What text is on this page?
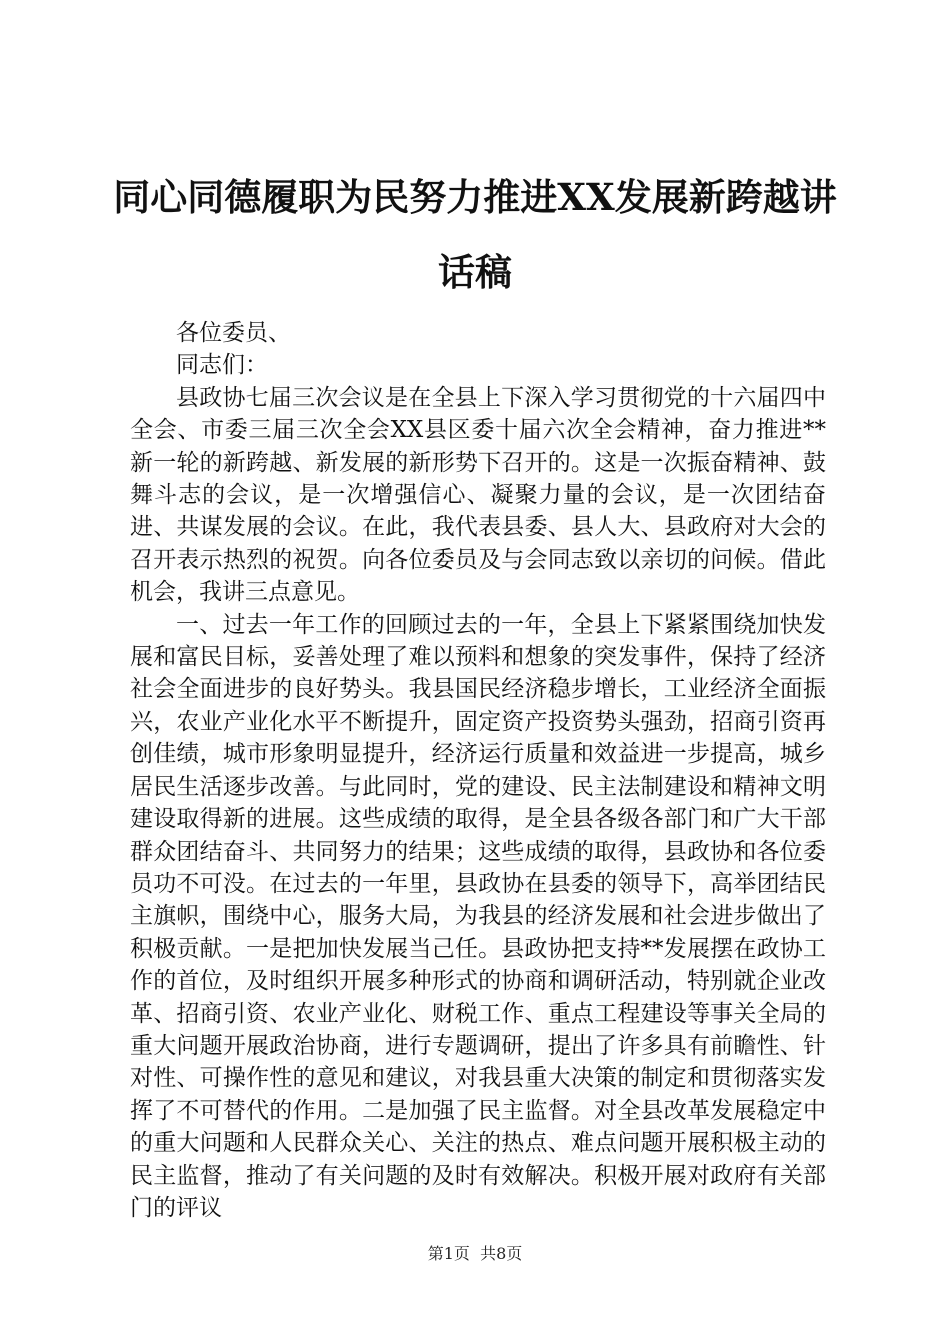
同心同德履职为民努力推进XX发展新跨越讲
话稿

各位委员、

同志们：

县政协七届三次会议是在全县上下深入学习贯彻党的十六届四中全会、市委三届三次全会XX县区委十届六次全会精神，奋力推进**新一轮的新跨越、新发展的新形势下召开的。这是一次振奋精神、鼓舞斗志的会议，是一次增强信心、凝聚力量的会议，是一次团结奋进、共谋发展的会议。在此，我代表县委、县人大、县政府对大会的召开表示热烈的祝贺。向各位委员及与会同志致以亲切的问候。借此机会，我讲三点意见。

一、过去一年工作的回顾过去的一年，全县上下紧紧围绕加快发展和富民目标，妥善处理了难以预料和想象的突发事件，保持了经济社会全面进步的良好势头。我县国民经济稳步增长，工业经济全面振兴，农业产业化水平不断提升，固定资产投资势头强劲，招商引资再创佳绩，城市形象明显提升，经济运行质量和效益进一步提高，城乡居民生活逐步改善。与此同时，党的建设、民主法制建设和精神文明建设取得新的进展。这些成绩的取得，是全县各级各部门和广大干部群众团结奋斗、共同努力的结果；这些成绩的取得，县政协和各位委员功不可没。在过去的一年里，县政协在县委的领导下，高举团结民主旗帜，围绕中心，服务大局，为我县的经济发展和社会进步做出了积极贡献。一是把加快发展当己任。县政协把支持**发展摆在政协工作的首位，及时组织开展多种形式的协商和调研活动，特别就企业改革、招商引资、农业产业化、财税工作、重点工程建设等事关全局的重大问题开展政治协商，进行专题调研，提出了许多具有前瞻性、针对性、可操作性的意见和建议，对我县重大决策的制定和贯彻落实发挥了不可替代的作用。二是加强了民主监督。对全县改革发展稳定中的重大问题和人民群众关心、关注的热点、难点问题开展积极主动的民主监督，推动了有关问题的及时有效解决。积极开展对政府有关部门的评议

第1页 共8页
